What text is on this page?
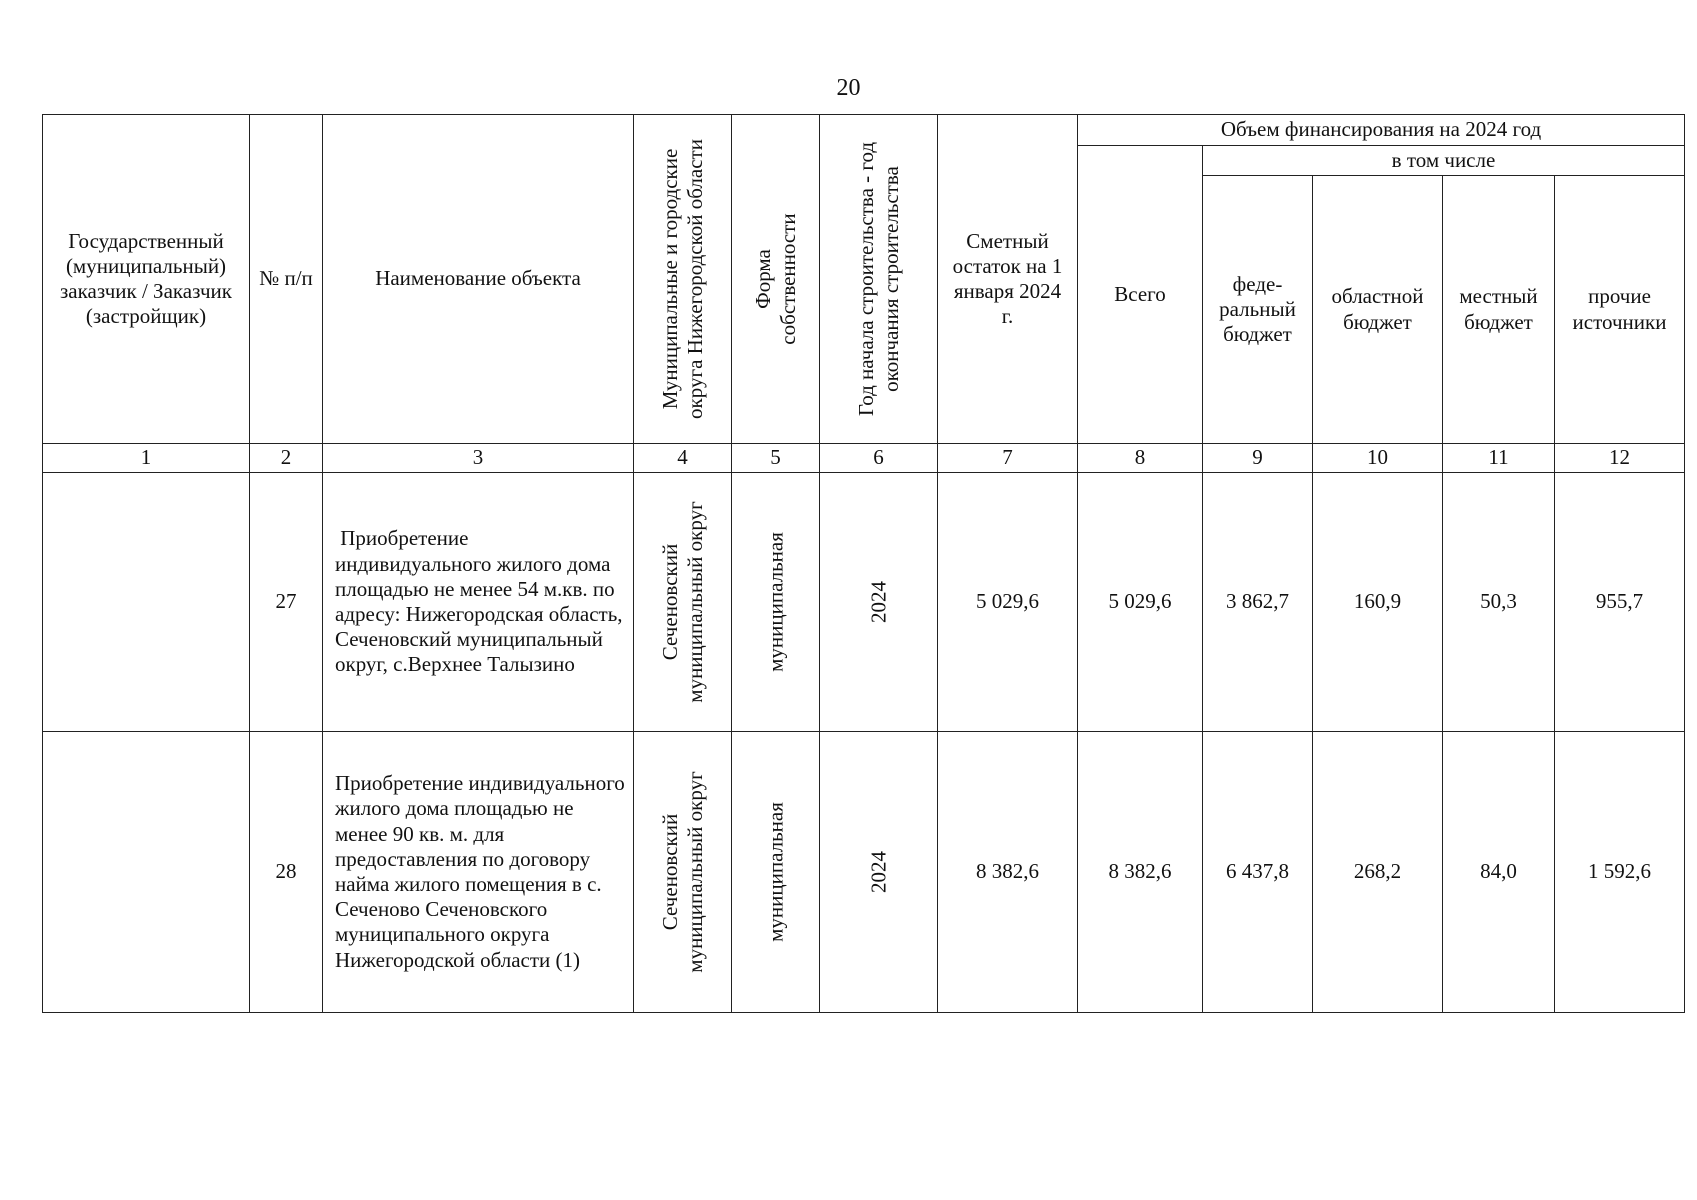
20
Государственный (муниципальный) заказчик / Заказчик (застройщик)	№ п/п	Наименование объекта	Муниципальные и городские округа Нижегородской области	Форма собственности	Год начала строительства - год окончания строительства	Сметный остаток на 1 января 2024 г.	Объем финансирования на 2024 год				
							Всего	в том числе			
								феде-ральный бюджет	областной бюджет	местный бюджет	прочие источники
1	2	3	4	5	6	7	8	9	10	11	12
	27	Приобретение индивидуального жилого дома площадью не менее 54 м.кв. по адресу: Нижегородская область, Сеченовский муниципальный округ, с.Верхнее Талызино	Сеченовский муниципальный округ	муниципальная	2024	5 029,6	5 029,6	3 862,7	160,9	50,3	955,7
	28	Приобретение индивидуального жилого дома площадью не менее 90 кв. м. для предоставления по договору найма жилого помещения в с. Сеченово Сеченовского муниципального округа Нижегородской области (1)	Сеченовский муниципальный округ	муниципальная	2024	8 382,6	8 382,6	6 437,8	268,2	84,0	1 592,6
